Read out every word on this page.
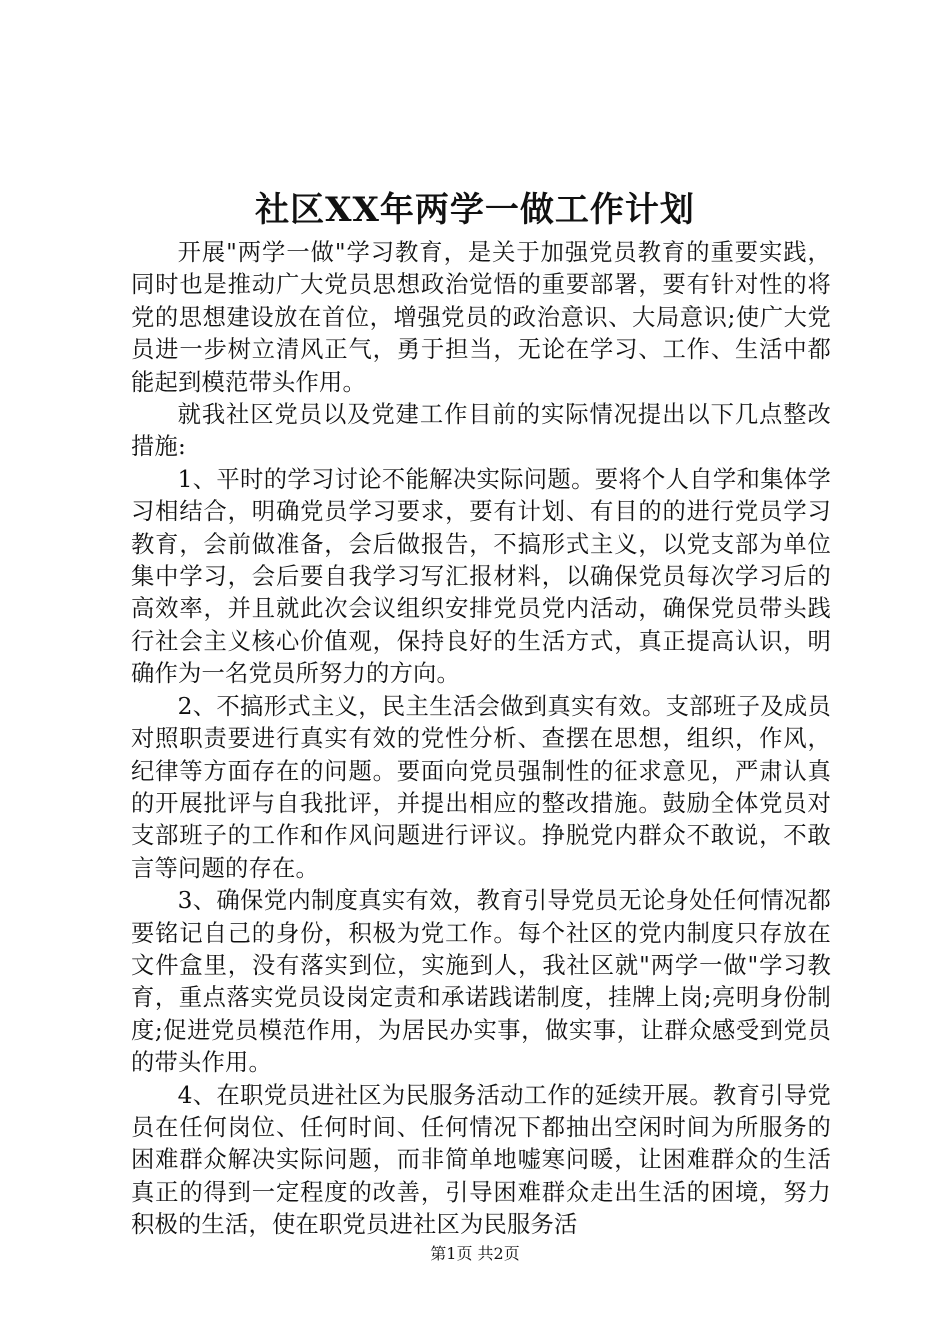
社区XX年两学一做工作计划

开展"两学一做"学习教育，是关于加强党员教育的重要实践，同时也是推动广大党员思想政治觉悟的重要部署，要有针对性的将党的思想建设放在首位，增强党员的政治意识、大局意识;使广大党员进一步树立清风正气，勇于担当，无论在学习、工作、生活中都能起到模范带头作用。

就我社区党员以及党建工作目前的实际情况提出以下几点整改措施:

1、平时的学习讨论不能解决实际问题。要将个人自学和集体学习相结合，明确党员学习要求，要有计划、有目的的进行党员学习教育，会前做准备，会后做报告，不搞形式主义，以党支部为单位集中学习，会后要自我学习写汇报材料，以确保党员每次学习后的高效率，并且就此次会议组织安排党员党内活动，确保党员带头践行社会主义核心价值观，保持良好的生活方式，真正提高认识，明确作为一名党员所努力的方向。

2、不搞形式主义，民主生活会做到真实有效。支部班子及成员对照职责要进行真实有效的党性分析、查摆在思想，组织，作风，纪律等方面存在的问题。要面向党员强制性的征求意见，严肃认真的开展批评与自我批评，并提出相应的整改措施。鼓励全体党员对支部班子的工作和作风问题进行评议。挣脱党内群众不敢说，不敢言等问题的存在。

3、确保党内制度真实有效，教育引导党员无论身处任何情况都要铭记自己的身份，积极为党工作。每个社区的党内制度只存放在文件盒里，没有落实到位，实施到人，我社区就"两学一做"学习教育，重点落实党员设岗定责和承诺践诺制度，挂牌上岗;亮明身份制度;促进党员模范作用，为居民办实事，做实事，让群众感受到党员的带头作用。

4、在职党员进社区为民服务活动工作的延续开展。教育引导党员在任何岗位、任何时间、任何情况下都抽出空闲时间为所服务的困难群众解决实际问题，而非简单地嘘寒问暖，让困难群众的生活真正的得到一定程度的改善，引导困难群众走出生活的困境，努力积极的生活，使在职党员进社区为民服务活

第1页 共2页
